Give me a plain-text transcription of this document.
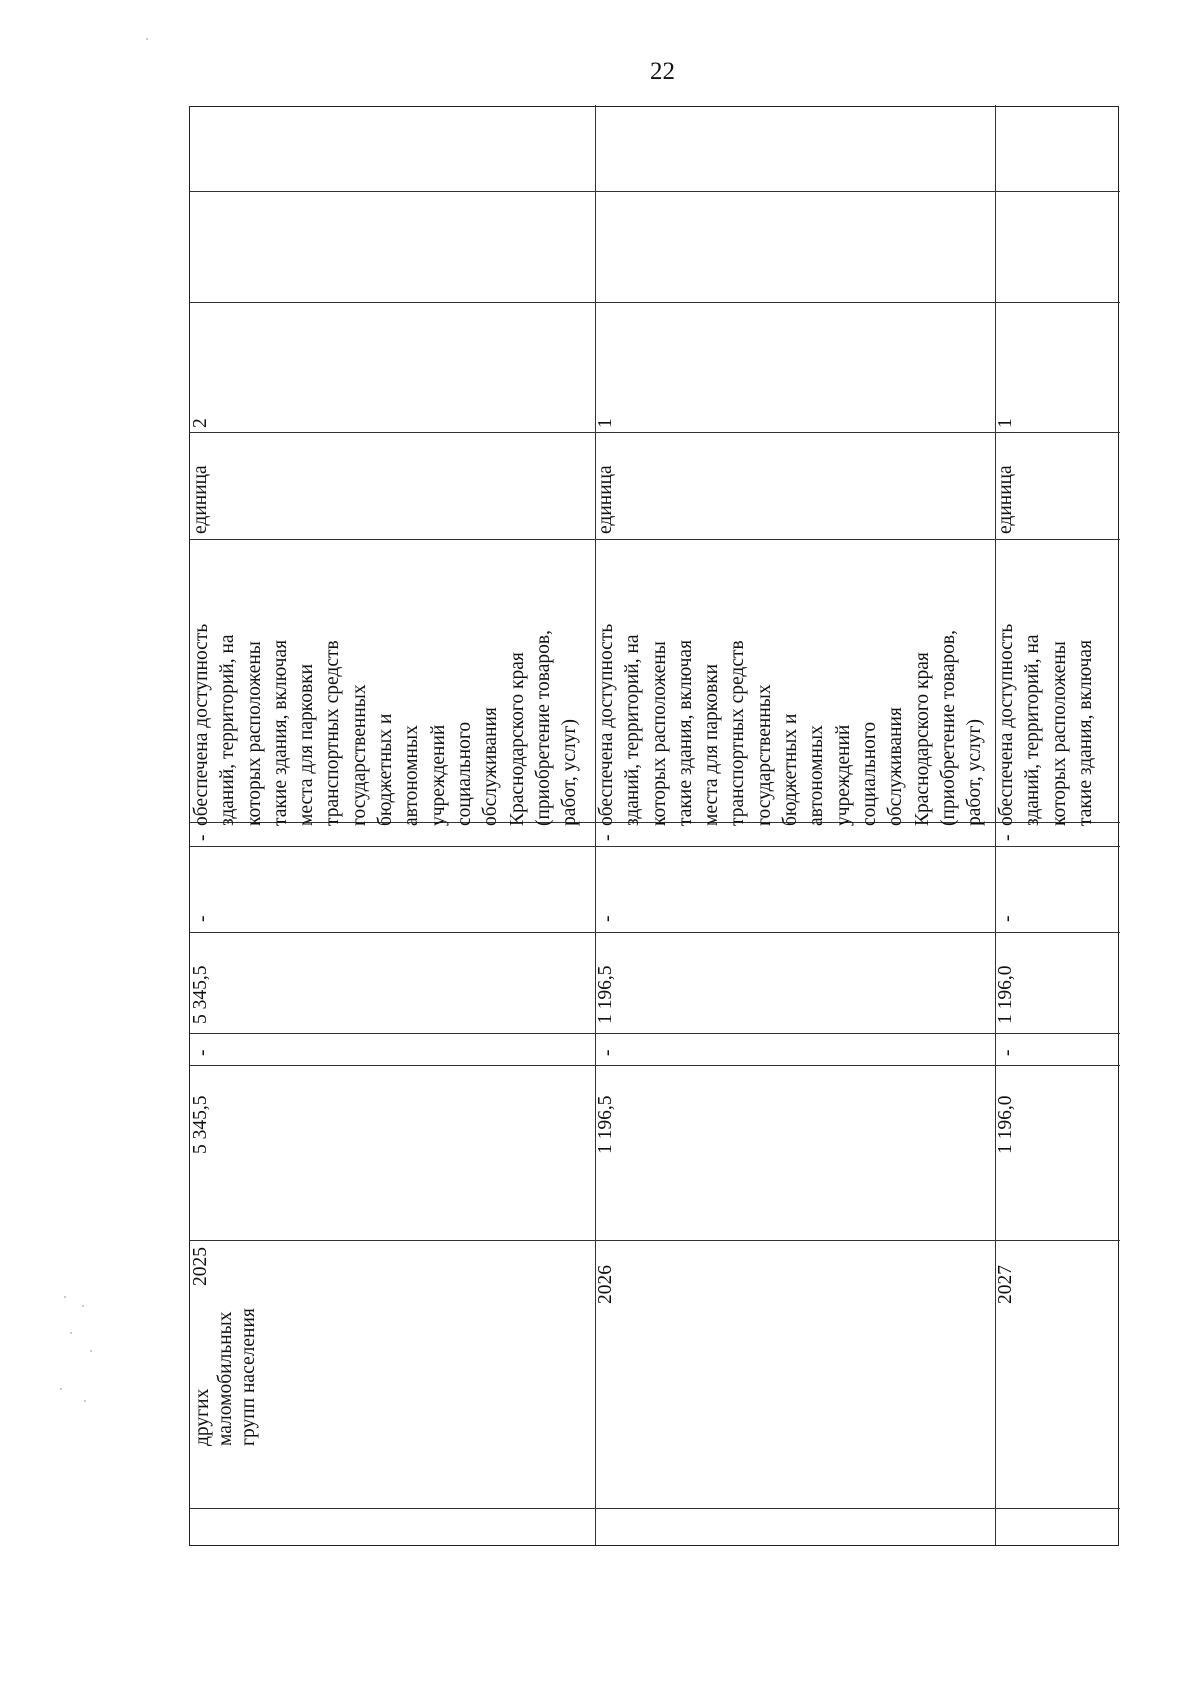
22
других маломобильных групп населения
2025
5 345,5
-
5 345,5
-
-
обеспечена доступность зданий, территорий, на которых расположены такие здания, включая места для парковки транспортных средств государственных бюджетных и автономных учреждений социального обслуживания Краснодарского края (приобретение товаров, работ, услуг)
единица
2
2026
1 196,5
-
1 196,5
-
-
обеспечена доступность зданий, территорий, на которых расположены такие здания, включая места для парковки транспортных средств государственных бюджетных и автономных учреждений социального обслуживания Краснодарского края (приобретение товаров, работ, услуг)
единица
1
2027
1 196,0
-
1 196,0
-
-
обеспечена доступность зданий, территорий, на которых расположены такие здания, включая
единица
1
